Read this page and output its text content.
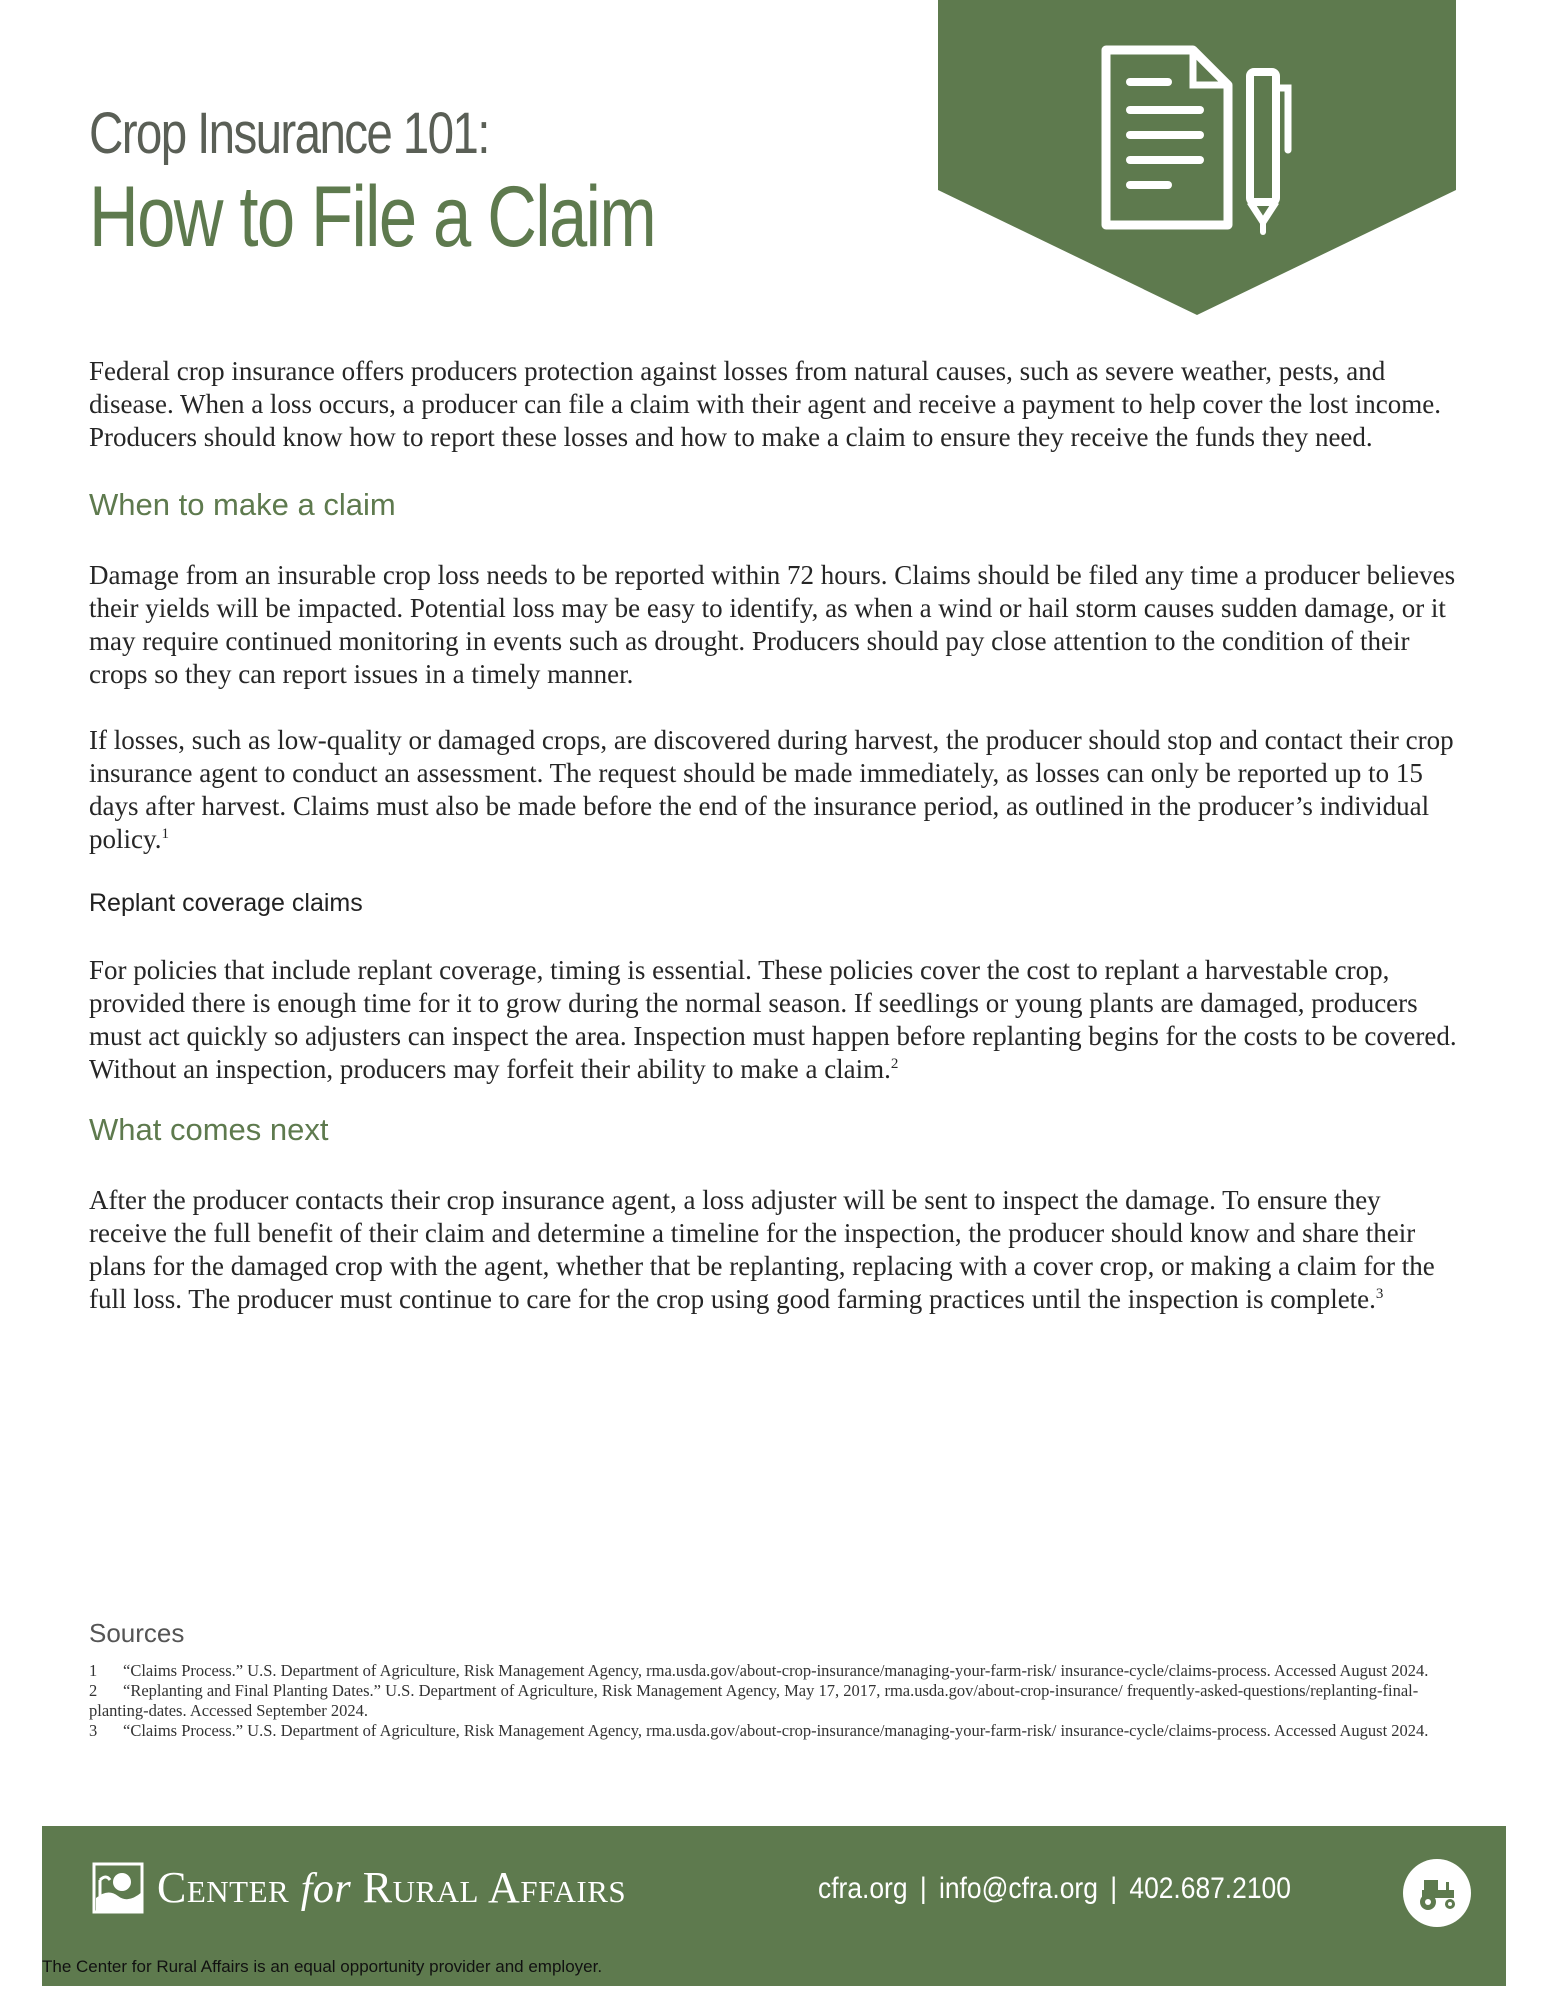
Crop Insurance 101:
How to File a Claim

Federal crop insurance offers producers protection against losses from natural causes, such as severe weather, pests, and disease. When a loss occurs, a producer can file a claim with their agent and receive a payment to help cover the lost income. Producers should know how to report these losses and how to make a claim to ensure they receive the funds they need.

When to make a claim

Damage from an insurable crop loss needs to be reported within 72 hours. Claims should be filed any time a producer believes their yields will be impacted. Potential loss may be easy to identify, as when a wind or hail storm causes sudden damage, or it may require continued monitoring in events such as drought. Producers should pay close attention to the condition of their crops so they can report issues in a timely manner.

If losses, such as low-quality or damaged crops, are discovered during harvest, the producer should stop and contact their crop insurance agent to conduct an assessment. The request should be made immediately, as losses can only be reported up to 15 days after harvest. Claims must also be made before the end of the insurance period, as outlined in the producer’s individual policy.$^1$

Replant coverage claims

For policies that include replant coverage, timing is essential. These policies cover the cost to replant a harvestable crop, provided there is enough time for it to grow during the normal season. If seedlings or young plants are damaged, producers must act quickly so adjusters can inspect the area. Inspection must happen before replanting begins for the costs to be covered. Without an inspection, producers may forfeit their ability to make a claim.$^2$

What comes next

After the producer contacts their crop insurance agent, a loss adjuster will be sent to inspect the damage. To ensure they receive the full benefit of their claim and determine a timeline for the inspection, the producer should know and share their plans for the damaged crop with the agent, whether that be replanting, replacing with a cover crop, or making a claim for the full loss. The producer must continue to care for the crop using good farming practices until the inspection is complete.$^3$

Sources

1 “Claims Process.” U.S. Department of Agriculture, Risk Management Agency, rma.usda.gov/about-crop-insurance/managing-your-farm-risk/ insurance-cycle/claims-process. Accessed August 2024.

2 “Replanting and Final Planting Dates.” U.S. Department of Agriculture, Risk Management Agency, May 17, 2017, rma.usda.gov/about-crop-insurance/ frequently-asked-questions/replanting-final-planting-dates. Accessed September 2024.

3 “Claims Process.” U.S. Department of Agriculture, Risk Management Agency, rma.usda.gov/about-crop-insurance/managing-your-farm-risk/ insurance-cycle/claims-process. Accessed August 2024.

Center for Rural Affairs	cfra.org | info@cfra.org | 402.687.2100
The Center for Rural Affairs is an equal opportunity provider and employer.
